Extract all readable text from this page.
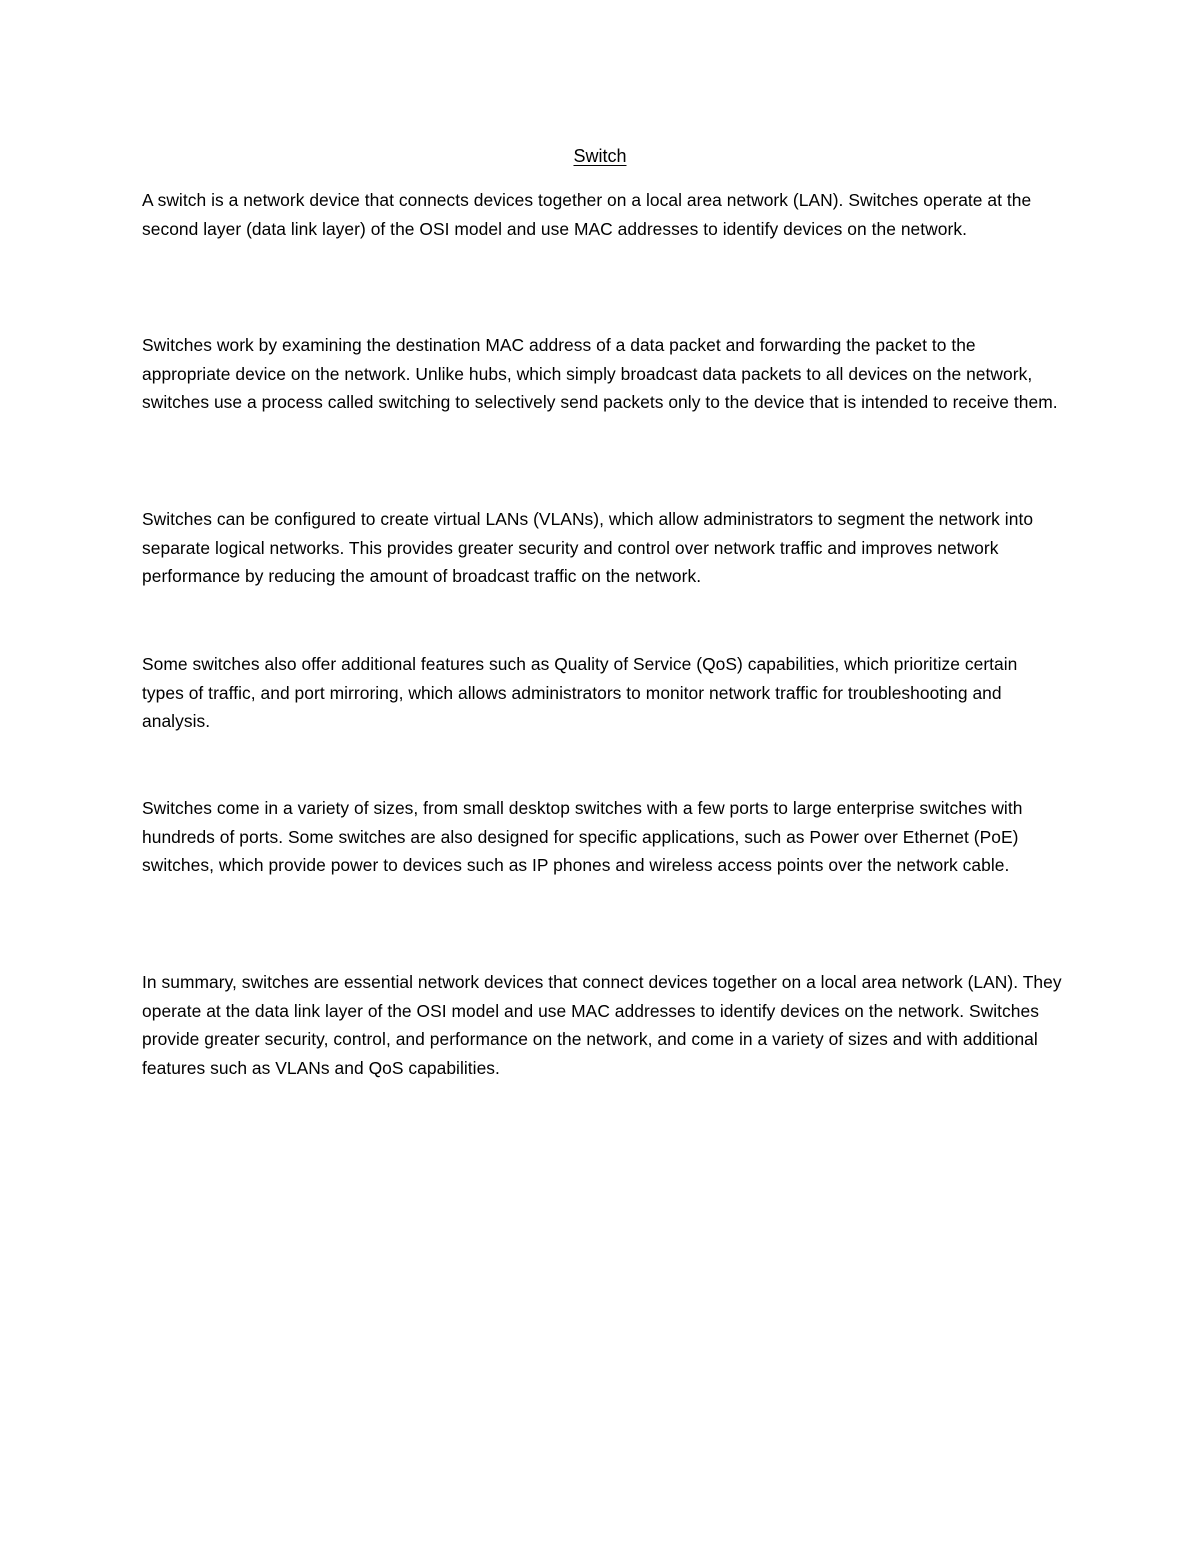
Switch

A switch is a network device that connects devices together on a local area network (LAN). Switches operate at the second layer (data link layer) of the OSI model and use MAC addresses to identify devices on the network.

Switches work by examining the destination MAC address of a data packet and forwarding the packet to the appropriate device on the network. Unlike hubs, which simply broadcast data packets to all devices on the network, switches use a process called switching to selectively send packets only to the device that is intended to receive them.

Switches can be configured to create virtual LANs (VLANs), which allow administrators to segment the network into separate logical networks. This provides greater security and control over network traffic and improves network performance by reducing the amount of broadcast traffic on the network.

Some switches also offer additional features such as Quality of Service (QoS) capabilities, which prioritize certain types of traffic, and port mirroring, which allows administrators to monitor network traffic for troubleshooting and analysis.

Switches come in a variety of sizes, from small desktop switches with a few ports to large enterprise switches with hundreds of ports. Some switches are also designed for specific applications, such as Power over Ethernet (PoE) switches, which provide power to devices such as IP phones and wireless access points over the network cable.

In summary, switches are essential network devices that connect devices together on a local area network (LAN). They operate at the data link layer of the OSI model and use MAC addresses to identify devices on the network. Switches provide greater security, control, and performance on the network, and come in a variety of sizes and with additional features such as VLANs and QoS capabilities.
